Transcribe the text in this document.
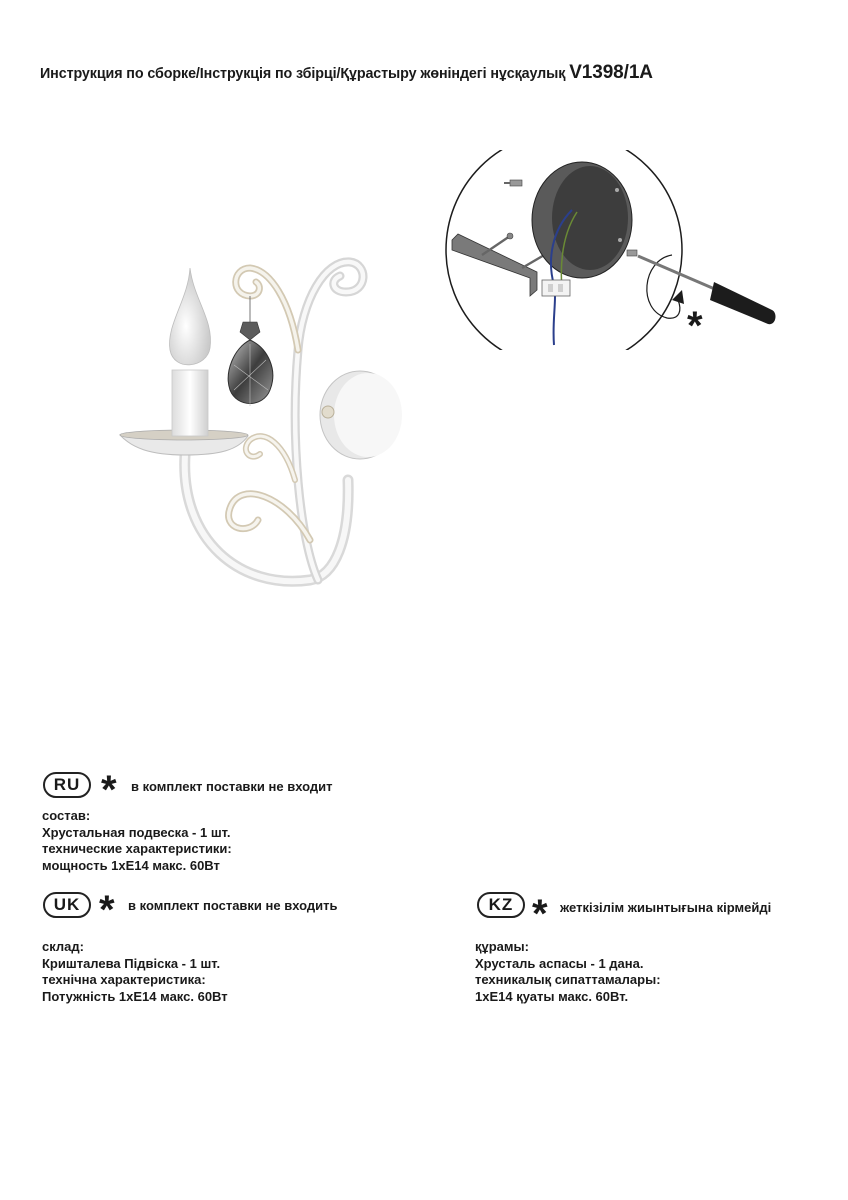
Инструкция по сборке/Інструкція по збірці/Құрастыру жөніндегі нұсқаулық V1398/1A
*
RU * в комплект поставки не входит
состав:
Хрустальная подвеска - 1 шт.
технические характеристики:
мощность 1хЕ14 макс. 60Вт
UK * в комплект поставки не входить
склад:
Кришталева Підвіска - 1 шт.
технічна характеристика:
Потужність 1хЕ14 макс. 60Вт
KZ * жеткізілім жиынтығына кірмейді
құрамы:
Хрусталь аспасы - 1 дана.
техникалық сипаттамалары:
1хЕ14 қуаты макс. 60Вт.
